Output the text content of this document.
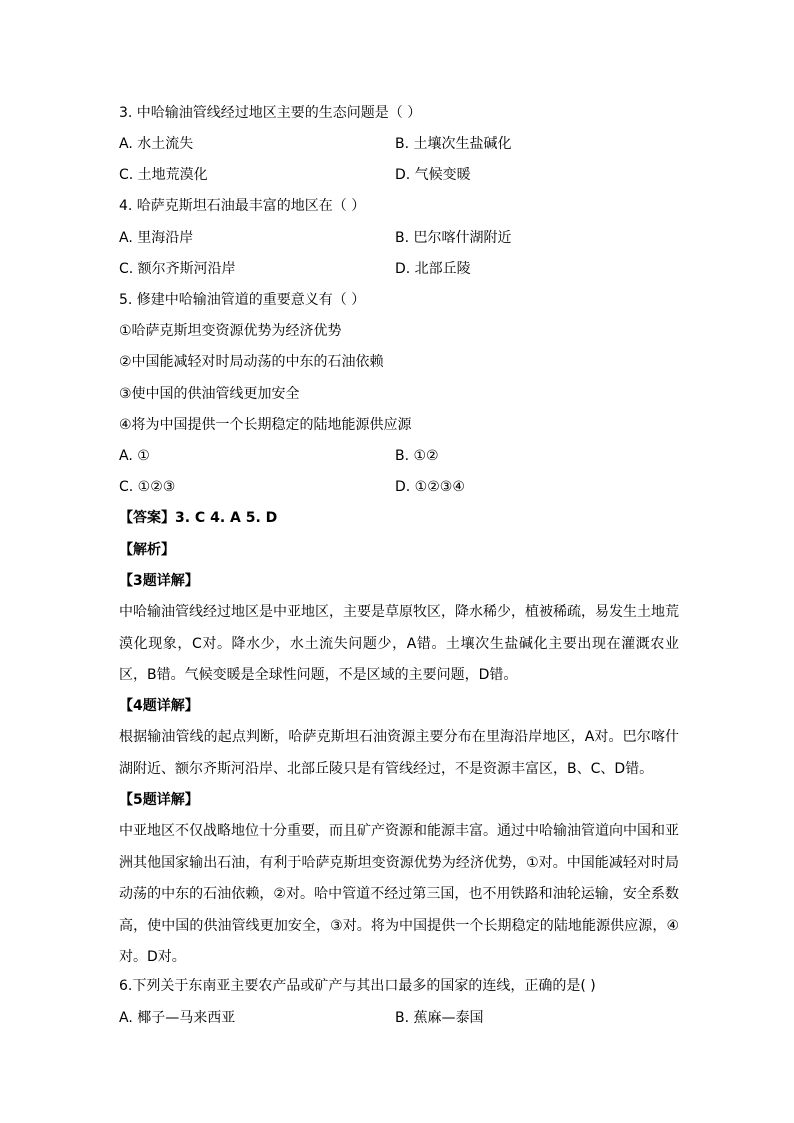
3. 中哈输油管线经过地区主要的生态问题是（ ）
A. 水土流失	B. 土壤次生盐碱化
C. 土地荒漠化	D. 气候变暖
4. 哈萨克斯坦石油最丰富的地区在（ ）
A. 里海沿岸	B. 巴尔喀什湖附近
C. 额尔齐斯河沿岸	D. 北部丘陵
5. 修建中哈输油管道的重要意义有（ ）
①哈萨克斯坦变资源优势为经济优势
②中国能减轻对时局动荡的中东的石油依赖
③使中国的供油管线更加安全
④将为中国提供一个长期稳定的陆地能源供应源
A. ①	B. ①②
C. ①②③	D. ①②③④
【答案】3. C 4. A 5. D
【解析】
【3题详解】

中哈输油管线经过地区是中亚地区，主要是草原牧区，降水稀少，植被稀疏，易发生土地荒漠化现象，C对。降水少，水土流失问题少，A错。土壤次生盐碱化主要出现在灌溉农业区，B错。气候变暖是全球性问题，不是区域的主要问题，D错。

【4题详解】

根据输油管线的起点判断，哈萨克斯坦石油资源主要分布在里海沿岸地区，A对。巴尔喀什湖附近、额尔齐斯河沿岸、北部丘陵只是有管线经过，不是资源丰富区，B、C、D错。

【5题详解】

中亚地区不仅战略地位十分重要，而且矿产资源和能源丰富。通过中哈输油管道向中国和亚洲其他国家输出石油，有利于哈萨克斯坦变资源优势为经济优势，①对。中国能减轻对时局动荡的中东的石油依赖，②对。哈中管道不经过第三国，也不用铁路和油轮运输，安全系数高，使中国的供油管线更加安全，③对。将为中国提供一个长期稳定的陆地能源供应源，④对。D对。

6.下列关于东南亚主要农产品或矿产与其出口最多的国家的连线，正确的是( )
A. 椰子—马来西亚	B. 蕉麻—泰国
